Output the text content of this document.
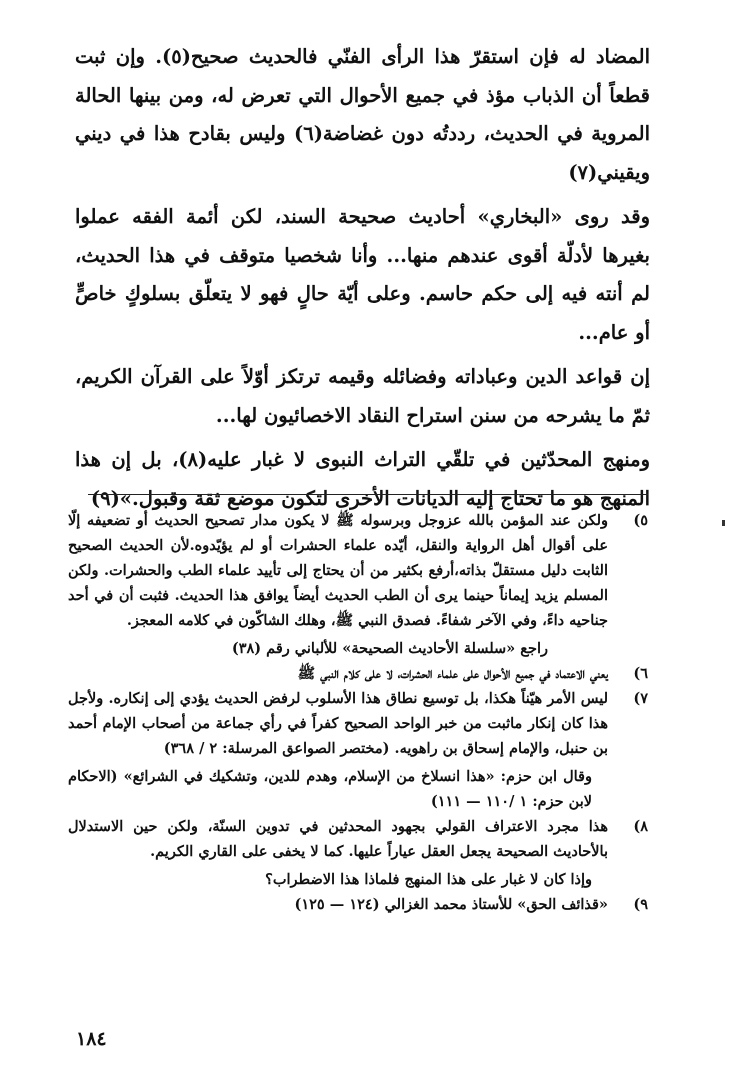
المضاد له فإن استقرّ هذا الرأى الفنّي فالحديث صحيح(٥). وإن ثبت قطعاً أن الذباب مؤذ في جميع الأحوال التي تعرض له، ومن بينها الحالة المروية في الحديث، رددتُه دون غضاضة(٦) وليس بقادح هذا في ديني ويقيني(٧)

وقد روى «البخاري» أحاديث صحيحة السند، لكن أئمة الفقه عملوا بغيرها لأدلّة أقوى عندهم منها... وأنا شخصيا متوقف في هذا الحديث، لم أنته فيه إلى حكم حاسم. وعلى أيّة حالٍ فهو لا يتعلّق بسلوكٍ خاصٍّ أو عام...

إن قواعد الدين وعباداته وفضائله وقيمه ترتكز أوّلاً على القرآن الكريم، ثمّ ما يشرحه من سنن استراح النقاد الاخصائيون لها...

ومنهج المحدّثين في تلقّي التراث النبوى لا غبار عليه(٨)، بل إن هذا المنهج هو ما تحتاج إليه الديانات الأخرى لتكون موضع ثقة وقبول.»(٩)

٥)

ولكن عند المؤمن بالله عزوجل وبرسوله ﷺ لا يكون مدار تصحيح الحديث أو تضعيفه إلّا على أقوال أهل الرواية والنقل، أيّده علماء الحشرات أو لم يؤيّدوه.لأن الحديث الصحيح الثابت دليل مستقلّ بذاته،أرفع بكثير من أن يحتاج إلى تأييد علماء الطب والحشرات. ولكن المسلم يزيد إيماناً حينما يرى أن الطب الحديث أيضاً يوافق هذا الحديث. فثبت أن في أحد جناحيه داءً، وفي الآخر شفاءً. فصدق النبي ﷺ، وهلك الشاكّون في كلامه المعجز.

راجع «سلسلة الأحاديث الصحيحة» للألباني رقم (٣٨)

٦)

يعني الاعتماد في جميع الأحوال على علماء الحشرات، لا على كلام النبي ﷺ

٧)

ليس الأمر هيّناً هكذا، بل توسيع نطاق هذا الأسلوب لرفض الحديث يؤدي إلى إنكاره. ولأجل هذا كان إنكار ماثبت من خبر الواحد الصحيح كفراً في رأي جماعة من أصحاب الإمام أحمد بن حنبل، والإمام إسحاق بن راهويه. (مختصر الصواعق المرسلة: ٢ / ٣٦٨)

وقال ابن حزم: «هذا انسلاخ من الإسلام، وهدم للدين، وتشكيك في الشرائع» (الاحكام لابن حزم: ١ /١١٠ — ١١١)

٨)

هذا مجرد الاعتراف القولي بجهود المحدثين في تدوين السنّة، ولكن حين الاستدلال بالأحاديث الصحيحة يجعل العقل عياراً عليها. كما لا يخفى على القاري الكريم.

وإذا كان لا غبار على هذا المنهج فلماذا هذا الاضطراب؟

٩)

«قذائف الحق» للأستاذ محمد الغزالي (١٢٤ — ١٢٥)

١٨٤
